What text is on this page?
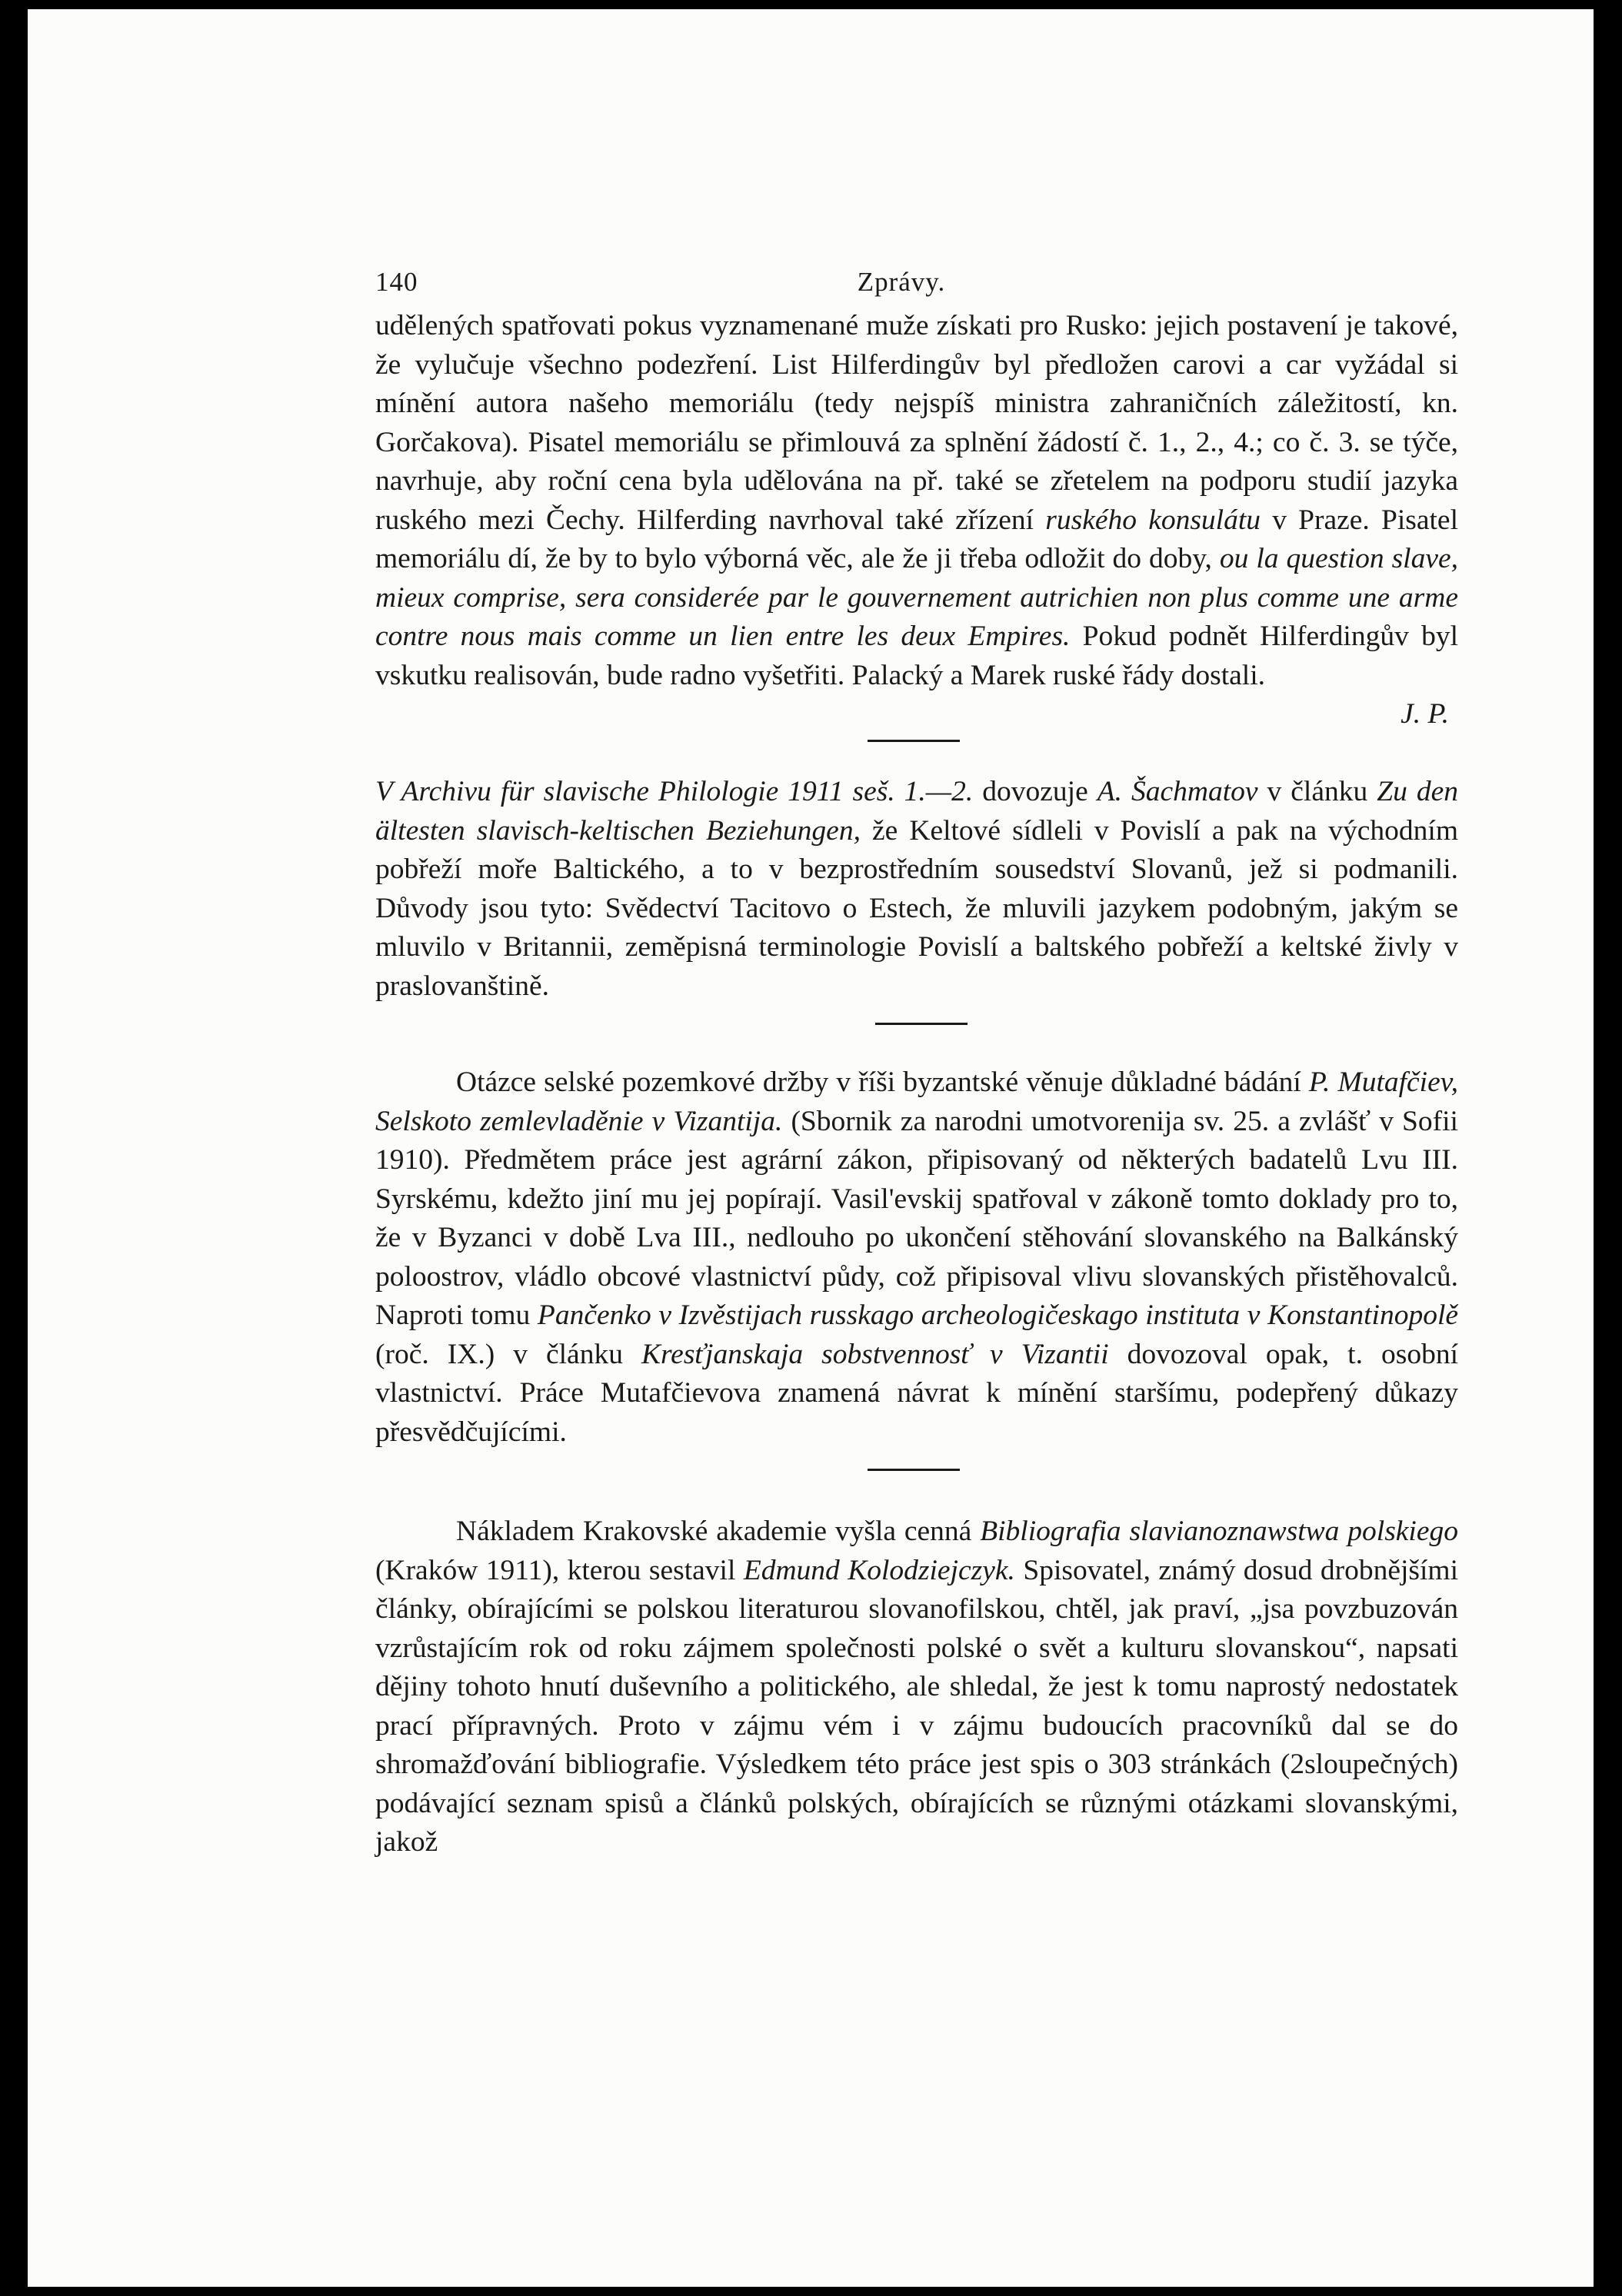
140	Zprávy.
udělených spatřovati pokus vyznamenané muže získati pro Rusko: jejich postavení je takové, že vylučuje všechno podezření. List Hilferdingův byl předložen carovi a car vyžádal si mínění autora našeho memoriálu (tedy nejspíš ministra zahraničních záležitostí, kn. Gorčakova). Pisatel memoriálu se přimlouvá za splnění žádostí č. 1., 2., 4.; co č. 3. se týče, navrhuje, aby roční cena byla udělována na př. také se zřetelem na podporu studií jazyka ruského mezi Čechy. Hilferding navrhoval také zřízení ruského konsulátu v Praze. Pisatel memoriálu dí, že by to bylo výborná věc, ale že ji třeba odložit do doby, ou la question slave, mieux comprise, sera considerée par le gouvernement autrichien non plus comme une arme contre nous mais comme un lien entre les deux Empires. Pokud podnět Hilferdingův byl vskutku realisován, bude radno vyšetřiti. Palacký a Marek ruské řády dostali.

J. P.

V Archivu für slavische Philologie 1911 seš. 1.—2. dovozuje A. Šachmatov v článku Zu den ältesten slavisch-keltischen Beziehungen, že Keltové sídleli v Povislí a pak na východním pobřeží moře Baltického, a to v bezprostředním sousedství Slovanů, jež si podmanili. Důvody jsou tyto: Svědectví Tacitovo o Estech, že mluvili jazykem podobným, jakým se mluvilo v Britannii, zeměpisná terminologie Povislí a baltského pobřeží a keltské živly v praslovanštině.
Otázce selské pozemkové držby v říši byzantské věnuje důkladné bádání P. Mutafčiev, Selskoto zemlevladěnie v Vizantija. (Sbornik za narodni umotvorenija sv. 25. a zvlášť v Sofii 1910). Předmětem práce jest agrární zákon, připisovaný od některých badatelů Lvu III. Syrskému, kdežto jiní mu jej popírají. Vasil'evskij spatřoval v zákoně tomto doklady pro to, že v Byzanci v době Lva III., nedlouho po ukončení stěhování slovanského na Balkánský poloostrov, vládlo obcové vlastnictví půdy, což připisoval vlivu slovanských přistěhovalců. Naproti tomu Pančenko v Izvěstijach russkago archeologičeskago instituta v Konstantinopolě (roč. IX.) v článku Kresťjanskaja sobstvennosť v Vizantii dovozoval opak, t. osobní vlastnictví. Práce Mutafčievova znamená návrat k mínění staršímu, podepřený důkazy přesvědčujícími.
Nákladem Krakovské akademie vyšla cenná Bibliografia slavianoznawstwa polskiego (Kraków 1911), kterou sestavil Edmund Kolodziejczyk. Spisovatel, známý dosud drobnějšími články, obírajícími se polskou literaturou slovanofilskou, chtěl, jak praví, „jsa povzbuzován vzrůstajícím rok od roku zájmem společnosti polské o svět a kulturu slovanskou“, napsati dějiny tohoto hnutí duševního a politického, ale shledal, že jest k tomu naprostý nedostatek prací přípravných. Proto v zájmu vém i v zájmu budoucích pracovníků dal se do shromažďování bibliografie. Výsledkem této práce jest spis o 303 stránkách (2sloupečných) podávající seznam spisů a článků polských, obírajících se různými otázkami slovanskými, jakož
